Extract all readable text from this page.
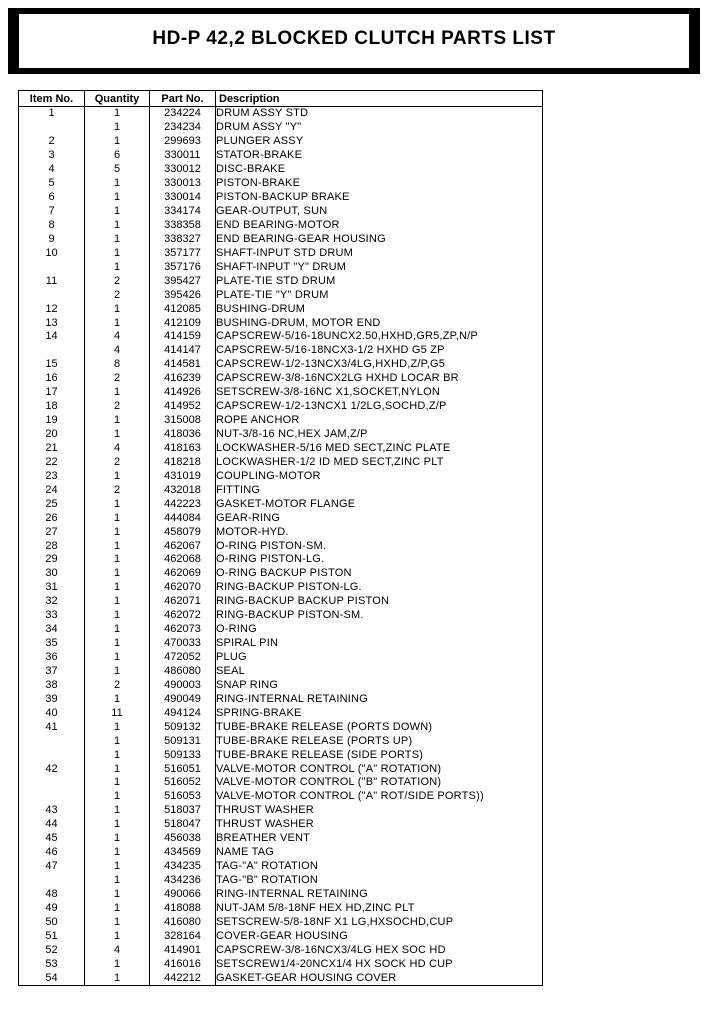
HD-P 42,2 BLOCKED CLUTCH PARTS LIST
Item No.	Quantity	Part No.	Description
1	1	234224	DRUM ASSY STD
	1	234234	DRUM ASSY "Y"
2	1	299693	PLUNGER ASSY
3	6	330011	STATOR-BRAKE
4	5	330012	DISC-BRAKE
5	1	330013	PISTON-BRAKE
6	1	330014	PISTON-BACKUP BRAKE
7	1	334174	GEAR-OUTPUT, SUN
8	1	338358	END BEARING-MOTOR
9	1	338327	END BEARING-GEAR HOUSING
10	1	357177	SHAFT-INPUT STD DRUM
	1	357176	SHAFT-INPUT "Y" DRUM
11	2	395427	PLATE-TIE STD DRUM
	2	395426	PLATE-TIE "Y" DRUM
12	1	412085	BUSHING-DRUM
13	1	412109	BUSHING-DRUM, MOTOR END
14	4	414159	CAPSCREW-5/16-18UNCX2.50,HXHD,GR5,ZP,N/P
	4	414147	CAPSCREW-5/16-18NCX3-1/2 HXHD G5 ZP
15	8	414581	CAPSCREW-1/2-13NCX3/4LG,HXHD,Z/P,G5
16	2	416239	CAPSCREW-3/8-16NCX2LG HXHD LOCAR BR
17	1	414926	SETSCREW-3/8-16NC X1,SOCKET,NYLON
18	2	414952	CAPSCREW-1/2-13NCX1 1/2LG,SOCHD,Z/P
19	1	315008	ROPE ANCHOR
20	1	418036	NUT-3/8-16 NC,HEX JAM,Z/P
21	4	418163	LOCKWASHER-5/16 MED SECT,ZINC PLATE
22	2	418218	LOCKWASHER-1/2 ID MED SECT,ZINC PLT
23	1	431019	COUPLING-MOTOR
24	2	432018	FITTING
25	1	442223	GASKET-MOTOR FLANGE
26	1	444084	GEAR-RING
27	1	458079	MOTOR-HYD.
28	1	462067	O-RING PISTON-SM.
29	1	462068	O-RING PISTON-LG.
30	1	462069	O-RING BACKUP PISTON
31	1	462070	RING-BACKUP PISTON-LG.
32	1	462071	RING-BACKUP BACKUP PISTON
33	1	462072	RING-BACKUP PISTON-SM.
34	1	462073	O-RING
35	1	470033	SPIRAL PIN
36	1	472052	PLUG
37	1	486080	SEAL
38	2	490003	SNAP RING
39	1	490049	RING-INTERNAL RETAINING
40	11	494124	SPRING-BRAKE
41	1	509132	TUBE-BRAKE RELEASE (PORTS DOWN)
	1	509131	TUBE-BRAKE RELEASE (PORTS UP)
	1	509133	TUBE-BRAKE RELEASE (SIDE PORTS)
42	1	516051	VALVE-MOTOR CONTROL ("A" ROTATION)
	1	516052	VALVE-MOTOR CONTROL ("B" ROTATION)
	1	516053	VALVE-MOTOR CONTROL ("A" ROT/SIDE PORTS))
43	1	518037	THRUST WASHER
44	1	518047	THRUST WASHER
45	1	456038	BREATHER VENT
46	1	434569	NAME TAG
47	1	434235	TAG-"A" ROTATION
	1	434236	TAG-"B" ROTATION
48	1	490066	RING-INTERNAL RETAINING
49	1	418088	NUT-JAM 5/8-18NF HEX HD,ZINC PLT
50	1	416080	SETSCREW-5/8-18NF X1 LG,HXSOCHD,CUP
51	1	328164	COVER-GEAR HOUSING
52	4	414901	CAPSCREW-3/8-16NCX3/4LG HEX SOC HD
53	1	416016	SETSCREW1/4-20NCX1/4 HX SOCK HD CUP
54	1	442212	GASKET-GEAR HOUSING COVER
